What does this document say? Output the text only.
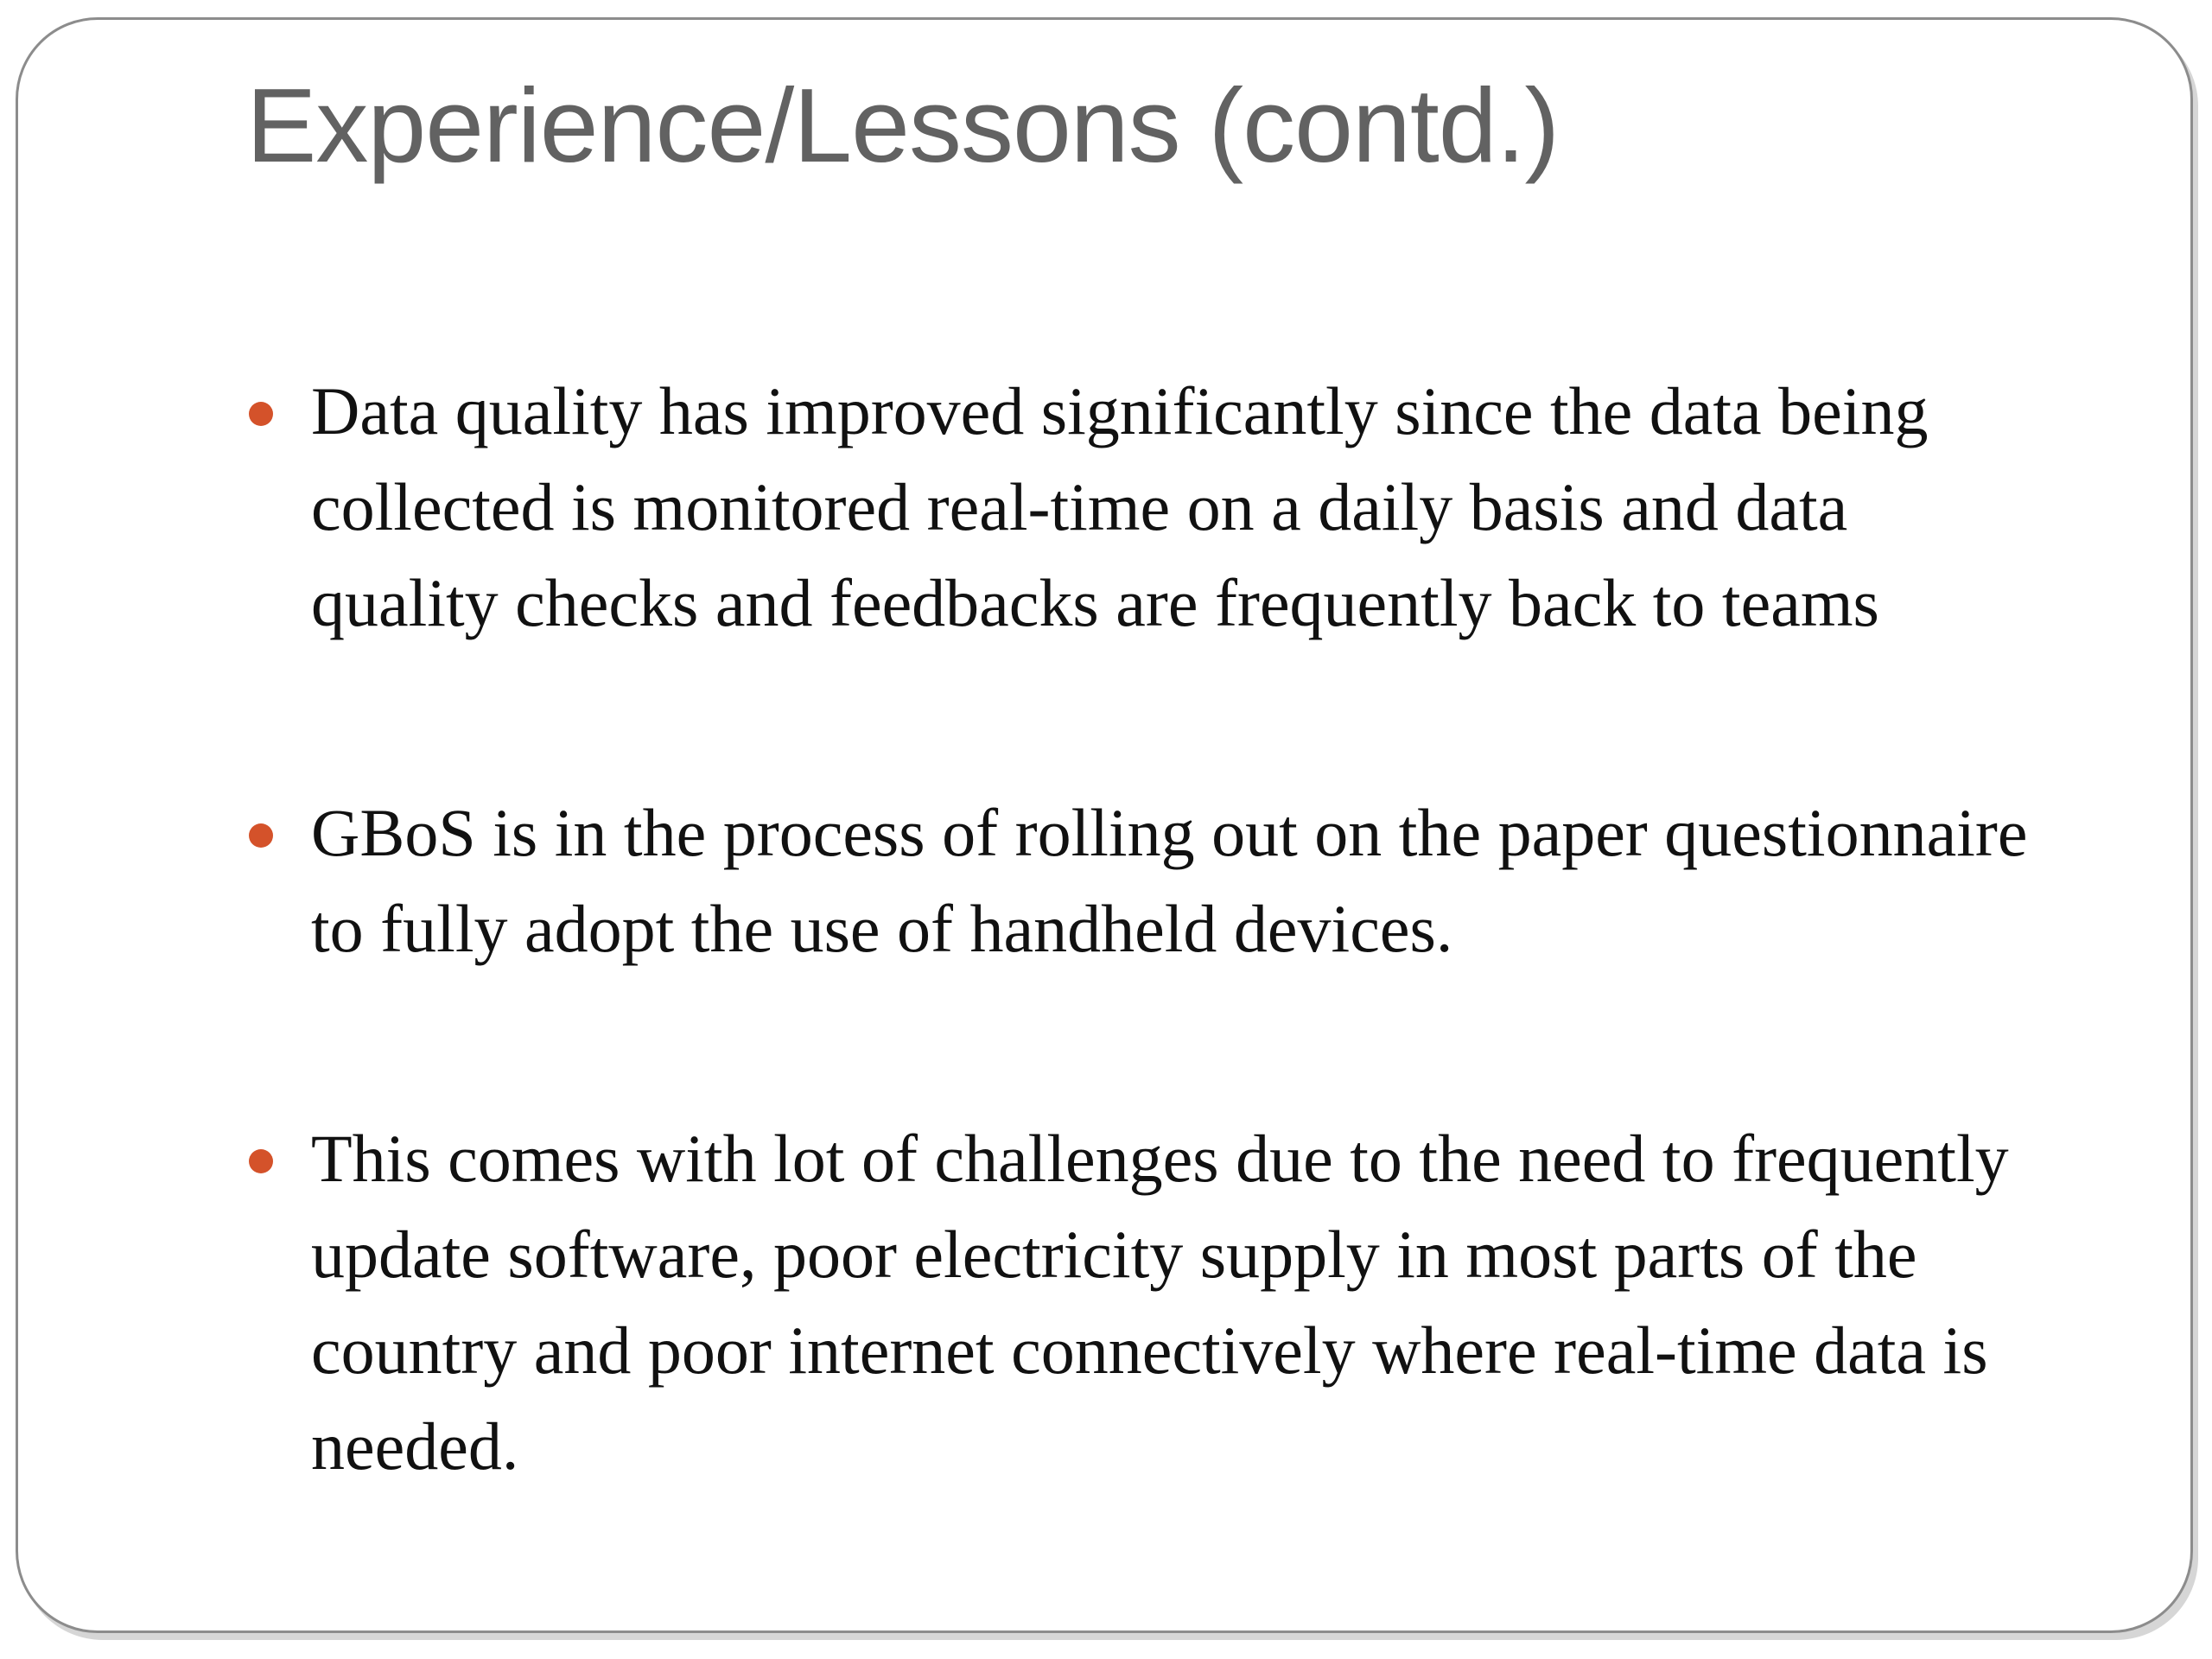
Experience/Lessons (contd.)
Data quality has improved significantly since the data being collected is monitored real-time on a daily basis and data quality checks and feedbacks are frequently back to teams
GBoS is in the process of rolling out on the paper questionnaire to fully adopt the use of handheld devices.
This comes with lot of challenges due to the need to frequently update software, poor electricity supply in most parts of the country and poor internet connectively where real-time data is needed.
